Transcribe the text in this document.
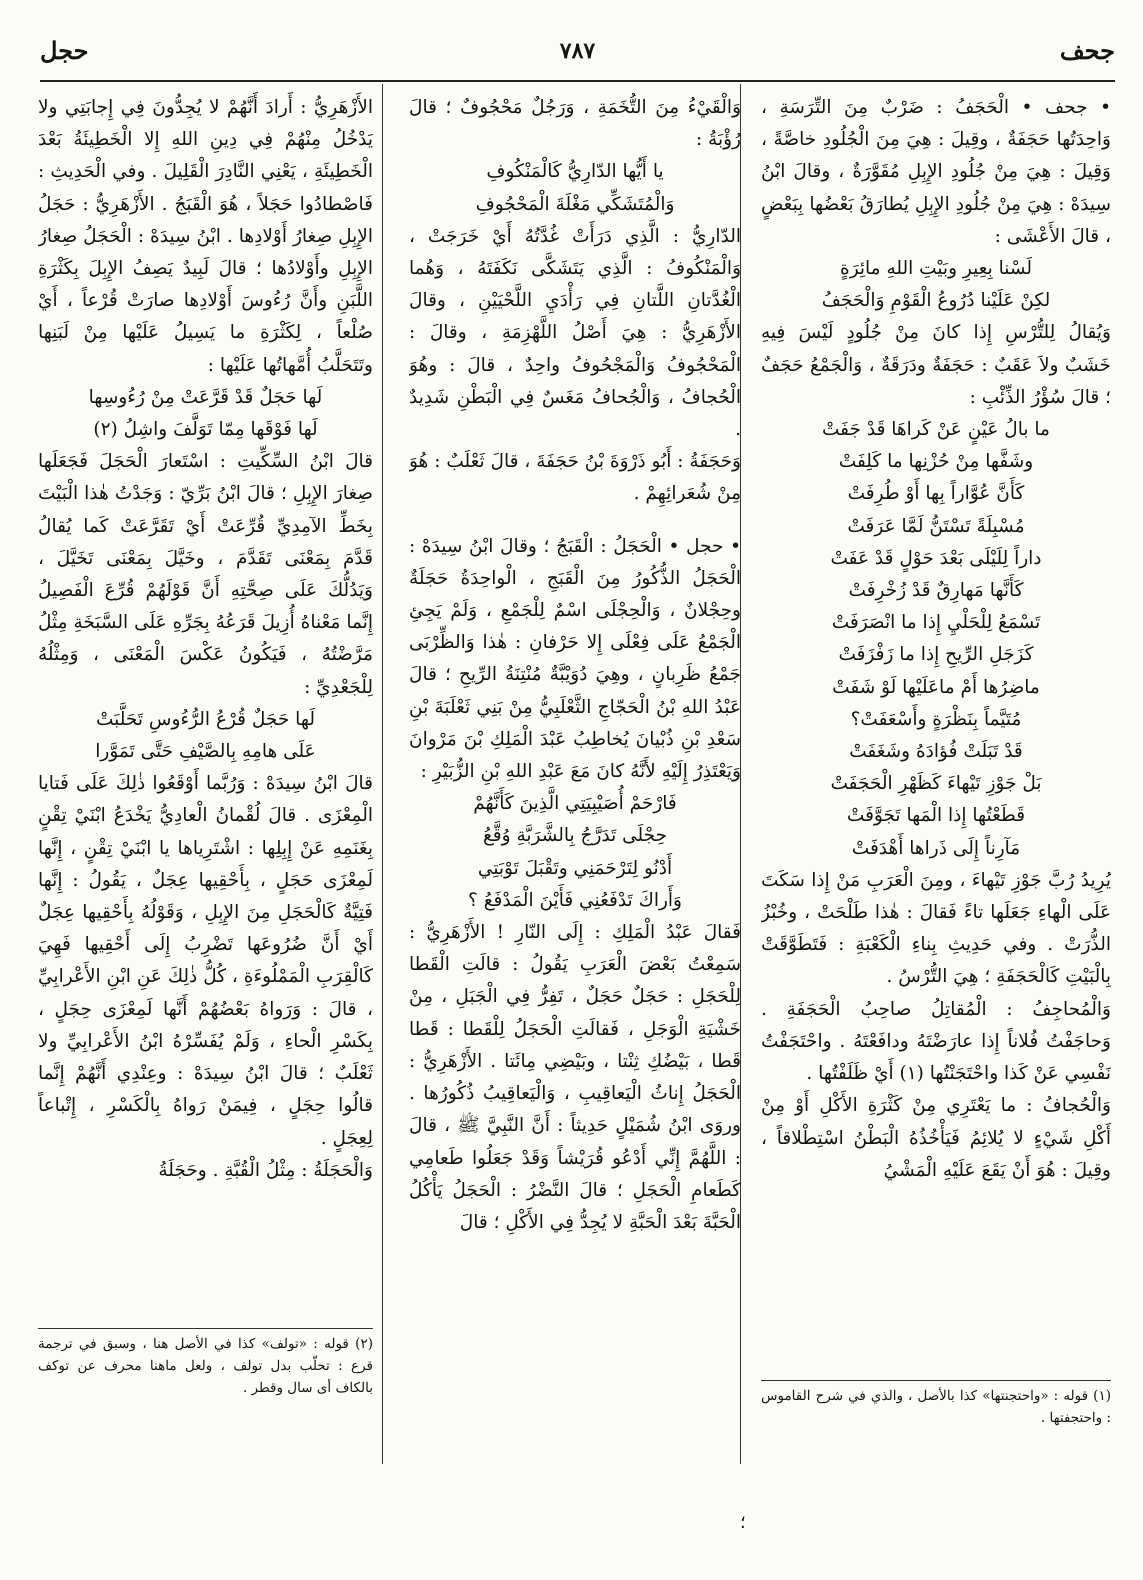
جحف
٧٨٧
حجل

• جحف • الْحَجَفُ : ضَرْبٌ مِنَ التِّرَسَةِ ، وَاحِدَتُها حَجَفَةٌ ، وقِيلَ : هِيَ مِنَ الْجُلُودِ خاصَّةً ، وَقِيلَ : هِيَ مِنْ جُلُودِ الإِبِلِ مُقَوَّرَةٌ ، وقالَ ابْنُ سِيدَهْ : هِيَ مِنْ جُلُودِ الإِبِلِ يُطارَقُ بَعْضُها بِبَعْضٍ ، قالَ الأَعْشَى :

لَسْنا بِعِيرِ وبَيْتِ اللهِ مائِرَةٍ

لكِنْ عَلَيْنا دُرُوعُ الْقَوْمِ وَالْحَجَفُ

وَيُقالُ لِلتُّرْسِ إِذا كانَ مِنْ جُلُودٍ لَيْسَ فِيهِ خَشَبٌ ولاَ عَقَبٌ : حَجَفَةٌ ودَرَقَةٌ ، وَالْجَمْعُ حَجَفٌ ؛ قالَ سُؤْرُ الذِّئْبِ :

ما بالُ عَيْنٍ عَنْ كَراهَا قَدْ جَفَتْ

وشَفَّها مِنْ حُزْنِها ما كَلِفَتْ

كَأَنَّ عُوَّاراً بِها أَوْ طُرِفَتْ

مُسْبِلَةً تَسْتَنُّ لَمَّا عَرَفَتْ

داراً لِلَيْلَى بَعْدَ حَوْلٍ قَدْ عَفَتْ

كَأَنَّها مَهارِقٌ قَدْ زُخْرِفَتْ

تَسْمَعُ لِلْحَلْيِ إِذا ما انْصَرَفَتْ

كَزَجَلِ الرِّيحِ إِذا ما زَفْزَفَتْ

ماضِرُها أَمْ ماعَلَيْها لَوْ شَفَتْ

مُتَيَّماً بِنَظْرَةٍ وأَسْعَفَتْ؟

قَدْ تَبَلَتْ فُؤادَهُ وشَغَفَتْ

بَلْ جَوْزِ تَيْهاءَ كَظَهْرِ الْحَجَفَتْ

قَطَعْتُها إِذا الْمَها تَجَوَّفَتْ

مَآرِناً إِلَى ذَراها أَهْدَفَتْ

يُرِيدُ رُبَّ جَوْزِ تَيْهاءَ ، ومِنَ الْعَرَبِ مَنْ إِذا سَكَتَ عَلَى الْهاءِ جَعَلَها تاءً فَقالَ : هٰذا طَلْحَتْ ، وخُبْزُ الذُّرَتْ . وفي حَدِيثِ بِناءِ الْكَعْبَةِ : فَتَطَوَّقَتْ بِالْبَيْتِ كَالْحَجَفَةِ ؛ هِيَ التُّرْسُ .

وَالْمُحاجِفُ : الْمُقاتِلُ صاحِبُ الْحَجَفَةِ . وَحاجَفْتُ فُلاناً إِذا عارَضْتَهُ ودافَعْتَهُ . واحْتَجَفْتُ نَفْسِي عَنْ كَذا واحْتَجَنْتُها (١) أَيْ ظَلَفْتُها .

وَالْحُجافُ : ما يَعْتَرِي مِنْ كَثْرَةِ الأَكْلِ أَوْ مِنْ أَكْلِ شَيْءٍ لا يُلائِمُ فَيَأْخُذُهُ الْبَطْنُ اسْتِطْلاقاً ، وقِيلَ : هُوَ أَنْ يَقَعَ عَلَيْهِ الْمَشْيُ

وَالْقَيْءُ مِنَ التُّخَمَةِ ، وَرَجُلٌ مَحْجُوفٌ ؛ قالَ رُؤْبَةُ :

يا أَيُّها الدّارِيُّ كَالْمَنْكُوفِ

وَالْمُتَشَكِّي مَغْلَةَ الْمَحْجُوفِ

الدّارِيُّ : الَّذِي دَرَأَتْ غُدَّتُهُ أَيْ خَرَجَتْ ، وَالْمَنْكُوفُ : الَّذِي يَتَشَكَّى نَكَفَتَهُ ، وَهُما الْغُدَّتانِ اللَّتانِ فِي رَأْدَيِ اللَّحْيَيْنِ ، وقالَ الأَزْهَرِيُّ : هِيَ أَصْلُ اللَّهْزِمَةِ ، وقالَ : الْمَحْجُوفُ وَالْمَجْحُوفُ واحِدٌ ، قالَ : وهُوَ الْحُجافُ ، وَالْجُحافُ مَغَسٌ فِي الْبَطْنِ شَدِيدٌ .

وَحَجَفَةُ : أَبُو ذَرْوَةَ بْنُ حَجَفَةَ ، قالَ ثَعْلَبٌ : هُوَ مِنْ شُعَرائِهِمْ .

• حجل • الْحَجَلُ : الْقَبَجُ ؛ وقالَ ابْنُ سِيدَهْ : الْحَجَلُ الذُّكُورُ مِنَ الْقَبَجِ ، الْواحِدَةُ حَجَلَةٌ وحِجْلانٌ ، وَالْحِجْلَى اسْمٌ لِلْجَمْعِ ، وَلَمْ يَجِئِ الْجَمْعُ عَلَى فِعْلَى إِلا حَرْفانِ : هٰذا وَالظِّرْبَى جَمْعُ ظَرِبانٍ ، وهِيَ دُوَيْبَّةٌ مُنْتِنَةُ الرِّيحِ ؛ قالَ عَبْدُ اللهِ بْنُ الْحَجّاجِ الثَّعْلَبِيُّ مِنْ بَنِي ثَعْلَبَةَ بْنِ سَعْدِ بْنِ ذُبْيانَ يُخاطِبُ عَبْدَ الْمَلِكِ بْنَ مَرْوانَ وَيَعْتَذِرُ إِلَيْهِ لأَنَّهُ كانَ مَعَ عَبْدِ اللهِ بْنِ الزُّبَيْرِ :

فَارْحَمْ أُصَيْبِيَتِي الَّذِينَ كَأَنَّهُمْ

حِجْلَى تَدَرَّجُ بِالشَّرَبَّةِ وُقَّعُ

أَدْنُو لِتَرْحَمَنِي وتَقْبَلَ تَوْبَتِي

وَأَراكَ تَدْفَعُنِي فَأَيْنَ الْمَدْفَعُ ؟

فَقالَ عَبْدُ الْمَلِكِ : إِلَى النّارِ ! الأَزْهَرِيُّ : سَمِعْتُ بَعْضَ الْعَرَبِ يَقُولُ : قالَتِ الْقَطا لِلْحَجَلِ : حَجَلٌ حَجَلٌ ، تَفِرُّ فِي الْجَبَلِ ، مِنْ خَشْيَةِ الْوَجَلِ ، فَقالَتِ الْحَجَلُ لِلْقَطا : قَطا قَطا ، بَيْضُكِ ثِنْتا ، وبَيْضِي مِائَتا . الأَزْهَرِيُّ : الْحَجَلُ إِناثُ الْيَعاقِيبِ ، وَالْيَعاقِيبُ ذُكُورُها . وروَى ابْنُ شُمَيْلٍ حَدِيثاً : أَنَّ النَّبِيَّ ﷺ ، قالَ : اللَّهُمَّ إِنِّي أَدْعُو قُرَيْشاً وَقَدْ جَعَلُوا طَعامِي كَطَعامِ الْحَجَلِ ؛ قالَ النَّضْرُ : الْحَجَلُ يَأْكُلُ الْحَبَّةَ بَعْدَ الْحَبَّةِ لا يُجِدُّ فِي الأَكْلِ ؛ قالَ

الأَزْهَرِيُّ : أَرادَ أَنَّهُمْ لا يُجِدُّونَ فِي إِجابَتِي ولا يَدْخُلُ مِنْهُمْ فِي دِينِ اللهِ إِلا الْخَطِيئَةُ بَعْدَ الْخَطِيئَةِ ، يَعْنِي النَّادِرَ الْقَلِيلَ . وفي الْحَدِيثِ : فَاصْطادُوا حَجَلاً ، هُوَ الْقَبَجُ . الأَزْهَرِيُّ : حَجَلُ الإِبِلِ صِغارُ أَوْلادِها . ابْنُ سِيدَهْ : الْحَجَلُ صِغارُ الإِبِلِ وأَوْلادُها ؛ قالَ لَبِيدٌ يَصِفُ الإِبِلَ بِكَثْرَةِ اللَّبَنِ وأَنَّ رُءُوسَ أَوْلادِها صارَتْ قُرْعاً ، أَيْ صُلْعاً ، لِكَثْرَةِ ما يَسِيلُ عَلَيْها مِنْ لَبَنِها وتَتَحَلَّبُ أُمَّهاتُها عَلَيْها :

لَها حَجَلٌ قَدْ قَرَّعَتْ مِنْ رُءُوسِها

لَها فَوْقَها مِمّا تَوَلَّفَ واشِلُ (٢)

قالَ ابْنُ السِّكِّيتِ : اسْتَعارَ الْحَجَلَ فَجَعَلَها صِغارَ الإِبِلِ ؛ قالَ ابْنُ بَرِّيّ : وَجَدْتُ هٰذا الْبَيْتَ بِخَطِّ الآمِدِيِّ قُرِّعَتْ أَيْ تَقَرَّعَتْ كَما يُقالُ قَدَّمَ بِمَعْنَى تَقَدَّمَ ، وخَيَّلَ بِمَعْنَى تَخَيَّلَ ، وَيَدُلُّكَ عَلَى صِحَّتِهِ أَنَّ قَوْلَهُمْ قُرِّعَ الْفَصِيلُ إِنَّما مَعْناهُ أُزِيلَ قَرَعُهُ بِجَرِّهِ عَلَى السَّبَخَةِ مِثْلُ مَرَّضْتُهُ ، فَيَكُونُ عَكْسَ الْمَعْنَى ، وَمِثْلُهُ لِلْجَعْدِيِّ :

لَها حَجَلٌ قُرْعُ الرُّءُوسِ تَحَلَّبَتْ

عَلَى هامِهِ بِالصَّيْفِ حَتَّى تَمَوَّرا

قالَ ابْنُ سِيدَهْ : وَرُبَّما أَوْقَعُوا ذٰلِكَ عَلَى فَتايا الْمِعْزَى . قالَ لُقْمانُ الْعادِيُّ يَخْدَعُ ابْنَيْ تِقْنٍ بِغَنَمِهِ عَنْ إِبِلِها : اشْتَرِياها يا ابْنَيْ تِقْنٍ ، إِنَّها لَمِعْزَى حَجَلٍ ، بِأَحْقِيها عِجَلٌ ، يَقُولُ : إِنَّها فَتِيَّةٌ كَالْحَجَلِ مِنَ الإِبِلِ ، وَقَوْلُهُ بِأَحْقِيها عِجَلٌ أَيْ أَنَّ ضُرُوعَها تَضْرِبُ إِلَى أَحْقِيها فَهِيَ كَالْقِرَبِ الْمَمْلُوءَةِ ، كُلُّ ذٰلِكَ عَنِ ابْنِ الأَعْرابِيِّ ، قالَ : وَرَواهُ بَعْضُهُمْ أَنَّها لَمِعْزَى حِجَلٍ ، بِكَسْرِ الْحاءِ ، وَلَمْ يُفَسِّرْهُ ابْنُ الأَعْرابِيِّ ولا ثَعْلَبٌ ؛ قالَ ابْنُ سِيدَهْ : وعِنْدِي أَنَّهُمْ إِنَّما قالُوا حِجَلٍ ، فِيمَنْ رَواهُ بِالْكَسْرِ ، إِتْباعاً لِعِجَلٍ .

وَالْحَجَلَةُ : مِثْلُ الْقُبَّةِ . وحَجَلَةُ

(٢) قوله : «تولف» كذا في الأصل هنا ، وسبق في ترجمة قرع : تحلّب بدل تولف ، ولعل ماهنا محرف عن توكف بالكاف أى سال وقطر .	(١) قوله : «واحتجنتها» كذا بالأصل ، والذي في شرح القاموس : واحتجفتها .
؛
